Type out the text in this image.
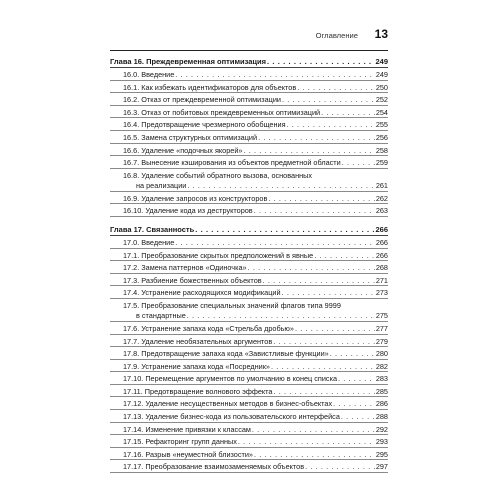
Оглавление 13
Глава 16. Преждевременная оптимизация . . .	249
16.0. Введение . . .	249
16.1. Как избежать идентификаторов для объектов . . .	250
16.2. Отказ от преждевременной оптимизации . . .	252
16.3. Отказ от побитовых преждевременных оптимизаций . . .	254
16.4. Предотвращение чрезмерного обобщения . . .	255
16.5. Замена структурных оптимизаций . . .	256
16.6. Удаление «подочных якорей» . . .	258
16.7. Вынесение кэширования из объектов предметной области . . .	259
16.8. Удаление событий обратного вызова, основанных
на реализации . . .	261
16.9. Удаление запросов из конструкторов . . .	262
16.10. Удаление кода из деструкторов . . .	263
Глава 17. Связанность . . .	266
17.0. Введение . . .	266
17.1. Преобразование скрытых предположений в явные . . .	266
17.2. Замена паттернов «Одиночка» . . .	268
17.3. Разбиение божественных объектов . . .	271
17.4. Устранение расходящихся модификаций . . .	273
17.5. Преобразование специальных значений флагов типа 9999
в стандартные . . .	275
17.6. Устранение запаха кода «Стрельба дробью» . . .	277
17.7. Удаление необязательных аргументов . . .	279
17.8. Предотвращение запаха кода «Завистливые функции» . . .	280
17.9. Устранение запаха кода «Посредник» . . .	282
17.10. Перемещение аргументов по умолчанию в конец списка . . .	283
17.11. Предотвращение волнового эффекта . . .	285
17.12. Удаление несущественных методов в бизнес-объектах . . .	286
17.13. Удаление бизнес-кода из пользовательского интерфейса . . .	288
17.14. Изменение привязки к классам . . .	292
17.15. Рефакторинг групп данных . . .	293
17.16. Разрыв «неуместной близости» . . .	295
17.17. Преобразование взаимозаменяемых объектов . . .	297
